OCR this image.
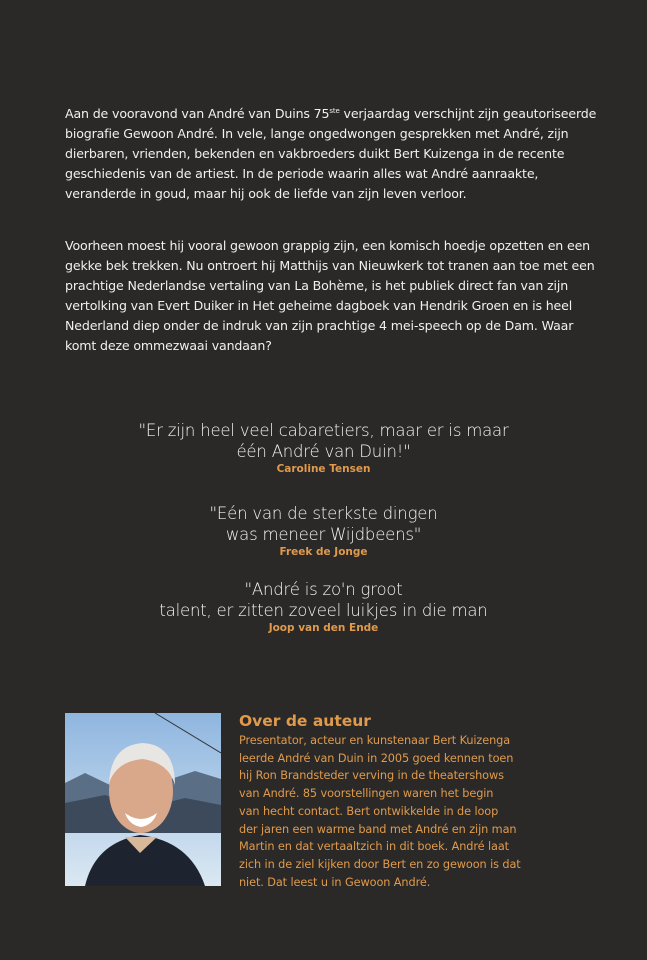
Aan de vooravond van André van Duins 75ste verjaardag verschijnt zijn geautoriseerde
biografie Gewoon André. In vele, lange ongedwongen gesprekken met André, zijn
dierbaren, vrienden, bekenden en vakbroeders duikt Bert Kuizenga in de recente
geschiedenis van de artiest. In de periode waarin alles wat André aanraakte,
veranderde in goud, maar hij ook de liefde van zijn leven verloor.
Voorheen moest hij vooral gewoon grappig zijn, een komisch hoedje opzetten en een
gekke bek trekken. Nu ontroert hij Matthijs van Nieuwkerk tot tranen aan toe met een
prachtige Nederlandse vertaling van La Bohème, is het publiek direct fan van zijn
vertolking van Evert Duiker in Het geheime dagboek van Hendrik Groen en is heel
Nederland diep onder de indruk van zijn prachtige 4 mei-speech op de Dam. Waar
komt deze ommezwaai vandaan?
"Er zijn heel veel cabaretiers, maar er is maar
één André van Duin!"
Caroline Tensen
"Eén van de sterkste dingen
was meneer Wijdbeens"
Freek de Jonge
"André is zo'n groot
talent, er zitten zoveel luikjes in die man
Joop van den Ende
Over de auteur
Presentator, acteur en kunstenaar Bert Kuizenga
leerde André van Duin in 2005 goed kennen toen
hij Ron Brandsteder verving in de theatershows
van André. 85 voorstellingen waren het begin
van hecht contact. Bert ontwikkelde in de loop
der jaren een warme band met André en zijn man
Martin en dat vertaaltzich in dit boek. André laat
zich in de ziel kijken door Bert en zo gewoon is dat
niet. Dat leest u in Gewoon André.
